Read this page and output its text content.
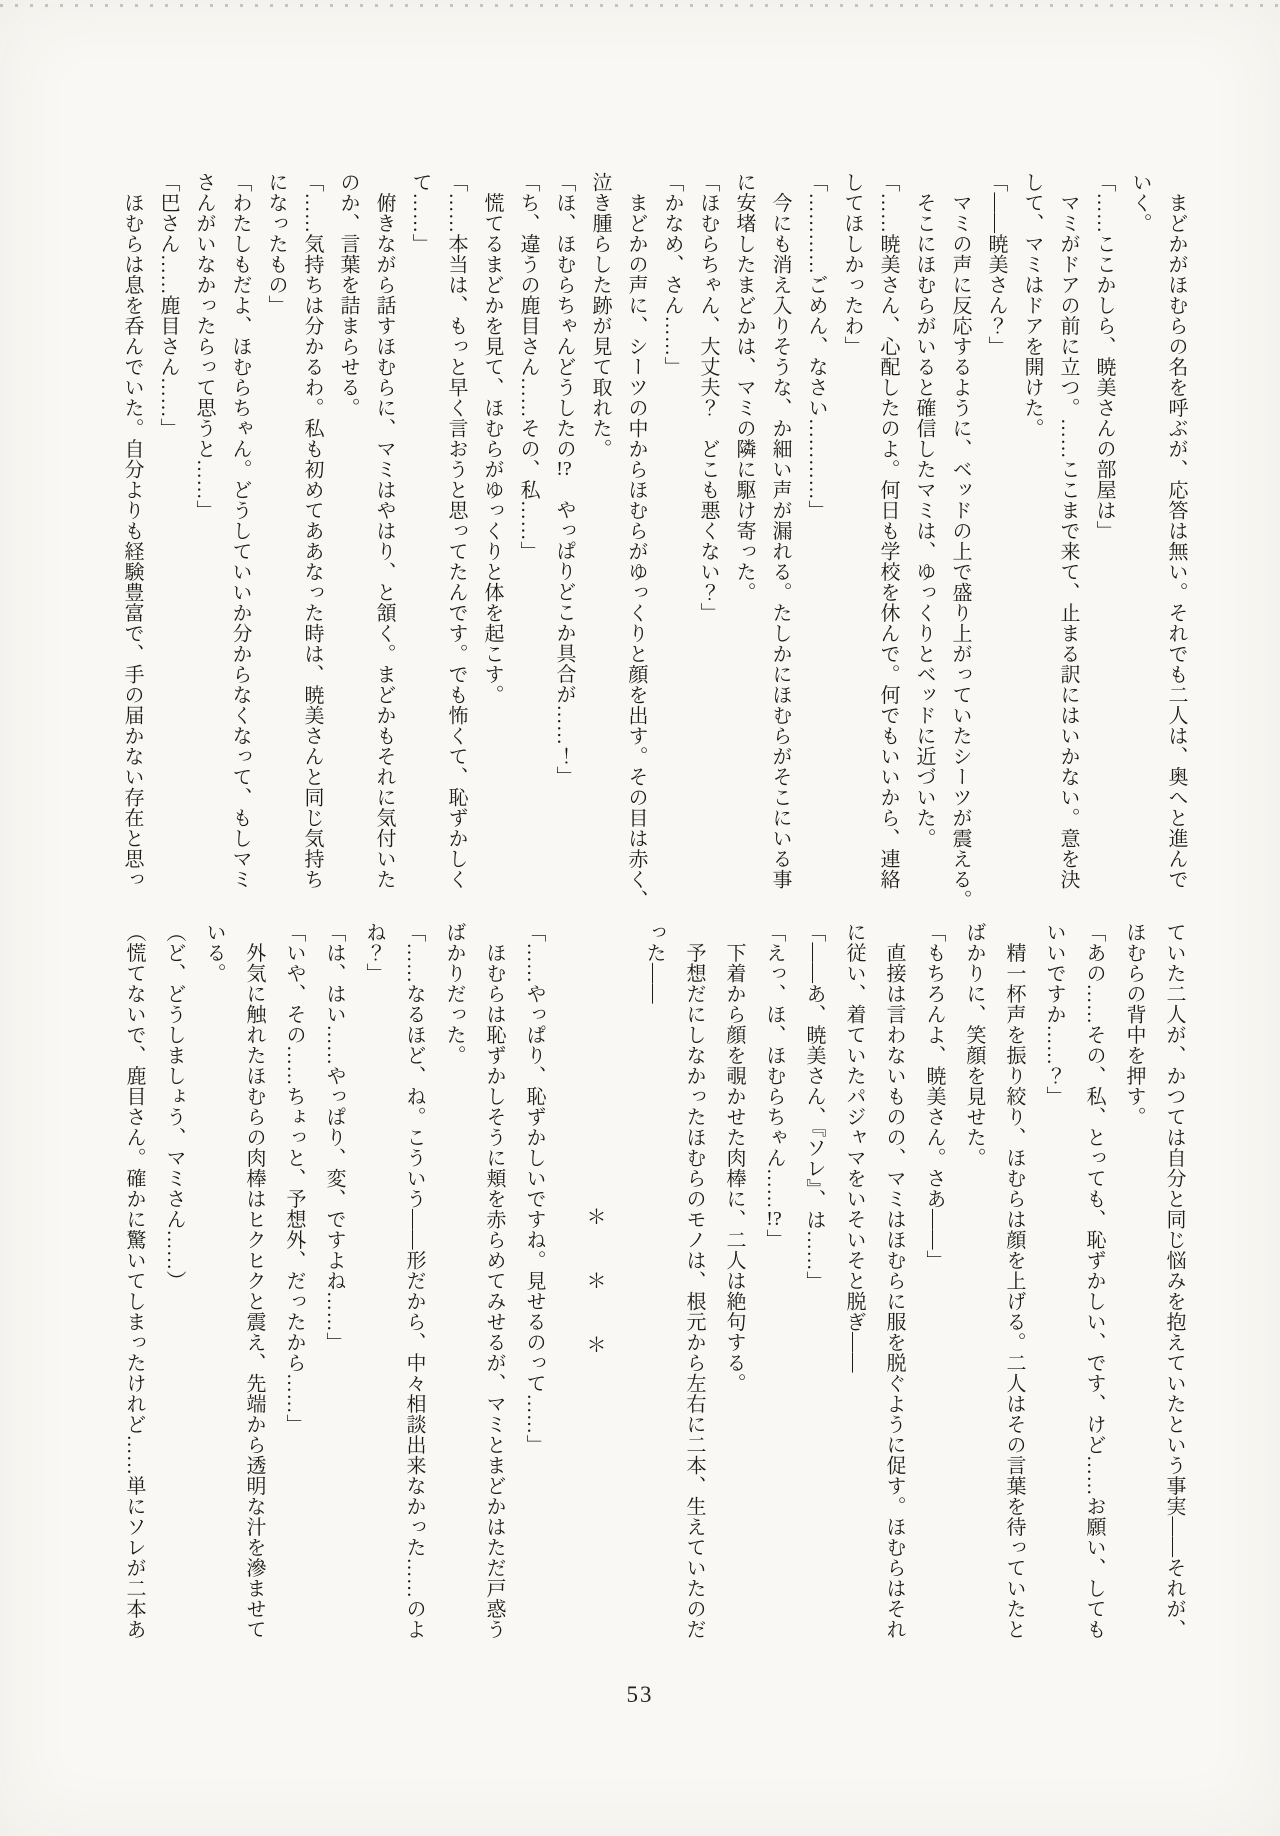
　まどかがほむらの名を呼ぶが、応答は無い。それでも二人は、奥へと進んで

いく。

「……ここかしら、暁美さんの部屋は」

　マミがドアの前に立つ。……ここまで来て、止まる訳にはいかない。意を決

して、マミはドアを開けた。

「――暁美さん？」

　マミの声に反応するように、ベッドの上で盛り上がっていたシーツが震える。

　そこにほむらがいると確信したマミは、ゆっくりとベッドに近づいた。

「……暁美さん、心配したのよ。何日も学校を休んで。何でもいいから、連絡

してほしかったわ」

「…………ごめん、なさい…………」

　今にも消え入りそうな、か細い声が漏れる。たしかにほむらがそこにいる事

に安堵したまどかは、マミの隣に駆け寄った。

「ほむらちゃん、大丈夫？　どこも悪くない？」

「かなめ、さん……」

　まどかの声に、シーツの中からほむらがゆっくりと顔を出す。その目は赤く、

泣き腫らした跡が見て取れた。

「ほ、ほむらちゃんどうしたの!?　やっぱりどこか具合が……！」

「ち、違うの鹿目さん……その、私……」

　慌てるまどかを見て、ほむらがゆっくりと体を起こす。

「……本当は、もっと早く言おうと思ってたんです。でも怖くて、恥ずかしく

て……」

　俯きながら話すほむらに、マミはやはり、と頷く。まどかもそれに気付いた

のか、言葉を詰まらせる。

「……気持ちは分かるわ。私も初めてああなった時は、暁美さんと同じ気持ち

になったもの」

「わたしもだよ、ほむらちゃん。どうしていいか分からなくなって、もしマミ

さんがいなかったらって思うと……」

「巴さん……鹿目さん……」

　ほむらは息を呑んでいた。自分よりも経験豊富で、手の届かない存在と思っ

ていた二人が、かつては自分と同じ悩みを抱えていたという事実――それが、

ほむらの背中を押す。

「あの……その、私、とっても、恥ずかしい、です、けど……お願い、しても

いいですか……？」

　精一杯声を振り絞り、ほむらは顔を上げる。二人はその言葉を待っていたと

ばかりに、笑顔を見せた。

「もちろんよ、暁美さん。さあ――」

　直接は言わないものの、マミはほむらに服を脱ぐように促す。ほむらはそれ

に従い、着ていたパジャマをいそいそと脱ぎ――

「――あ、暁美さん、『ソレ』、は……」

「えっ、ほ、ほむらちゃん……!?」

　下着から顔を覗かせた肉棒に、二人は絶句する。

　予想だにしなかったほむらのモノは、根元から左右に二本、生えていたのだ

った――

＊　＊　＊

「……やっぱり、恥ずかしいですね。見せるのって……」

　ほむらは恥ずかしそうに頬を赤らめてみせるが、マミとまどかはただ戸惑う

ばかりだった。

「……なるほど、ね。こういう――形だから、中々相談出来なかった……のよ

ね？」

「は、はい……やっぱり、変、ですよね……」

「いや、その……ちょっと、予想外、だったから……」

　外気に触れたほむらの肉棒はヒクヒクと震え、先端から透明な汁を滲ませて

いる。

（ど、どうしましょう、マミさん……）

（慌てないで、鹿目さん。確かに驚いてしまったけれど……単にソレが二本あ

53
